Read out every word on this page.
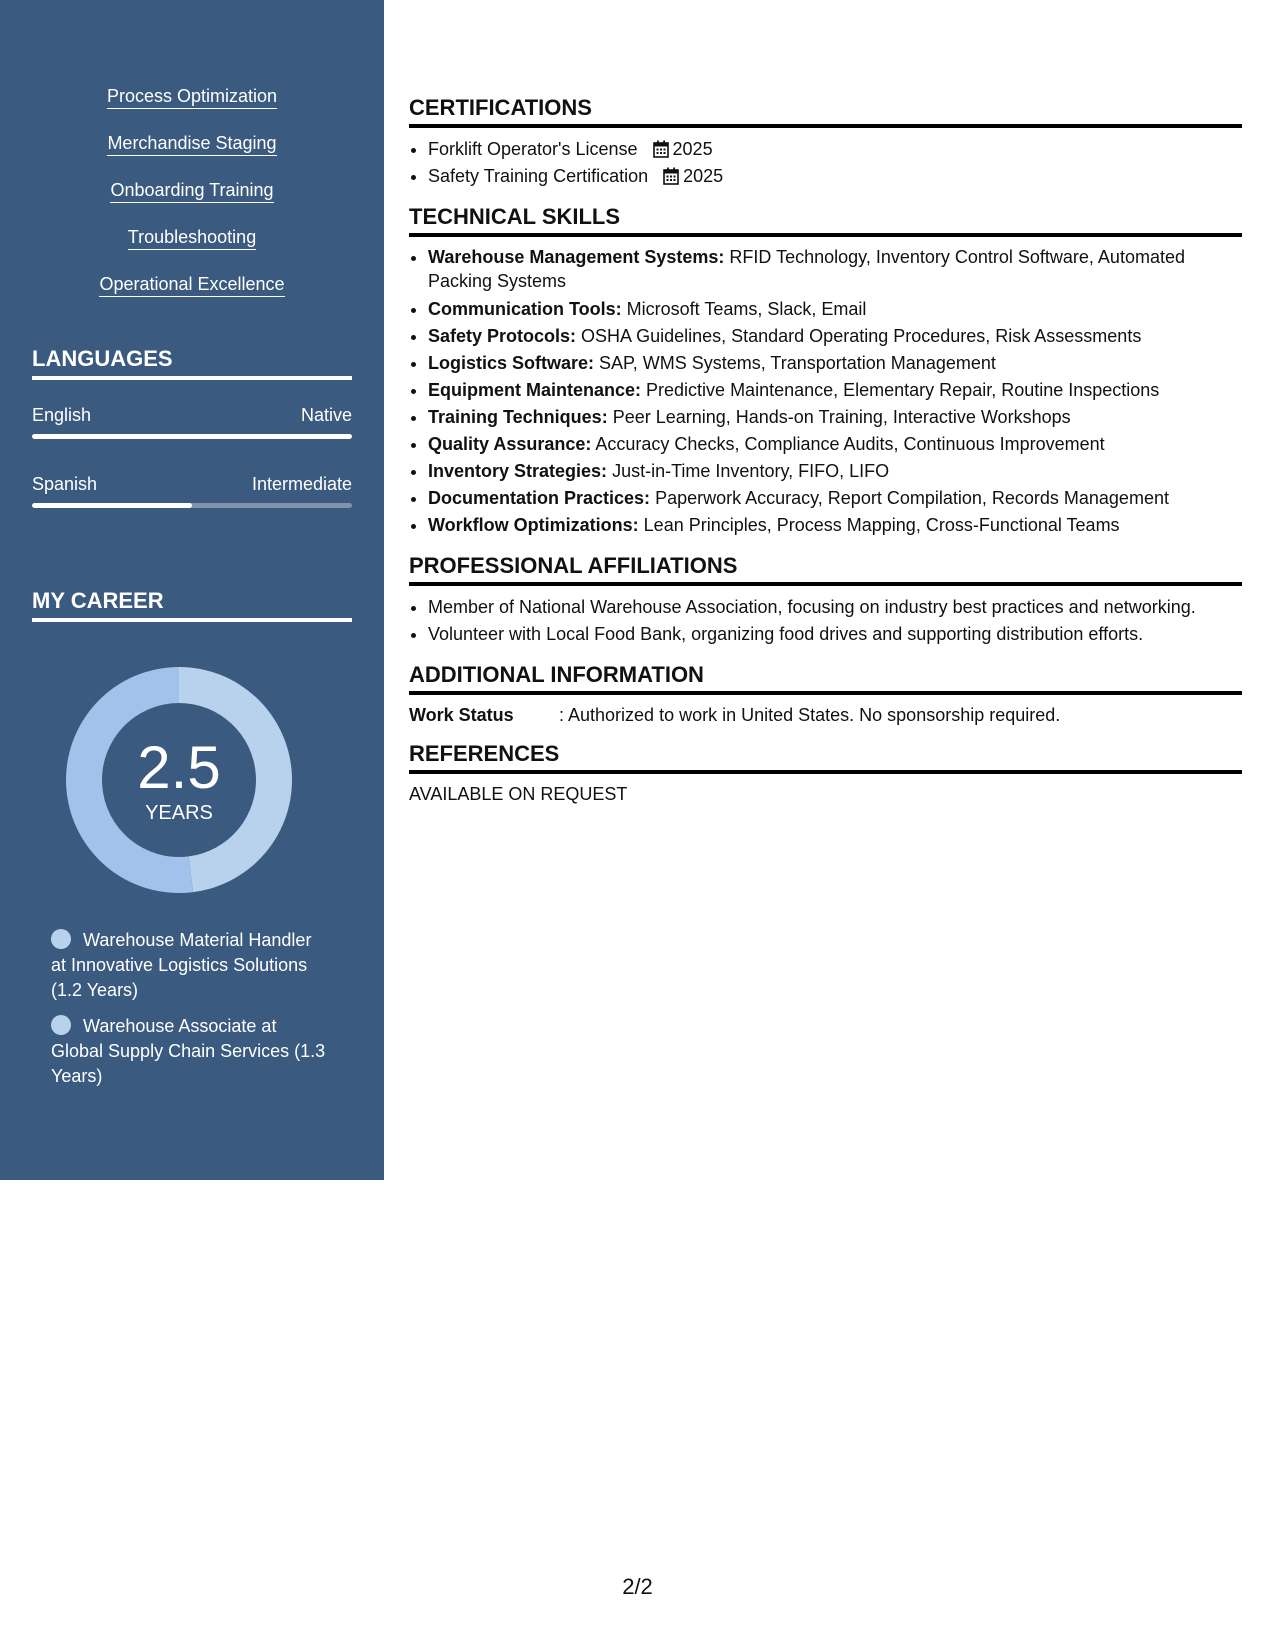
Process Optimization
Merchandise Staging
Onboarding Training
Troubleshooting
Operational Excellence
LANGUAGES
English	Native
Spanish	Intermediate
MY CAREER
2.5
YEARS
Warehouse Material Handler at Innovative Logistics Solutions (1.2 Years)
Warehouse Associate at Global Supply Chain Services (1.3 Years)
CERTIFICATIONS
• Forklift Operator's License 2025
• Safety Training Certification 2025
TECHNICAL SKILLS
• Warehouse Management Systems: RFID Technology, Inventory Control Software, Automated Packing Systems
• Communication Tools: Microsoft Teams, Slack, Email
• Safety Protocols: OSHA Guidelines, Standard Operating Procedures, Risk Assessments
• Logistics Software: SAP, WMS Systems, Transportation Management
• Equipment Maintenance: Predictive Maintenance, Elementary Repair, Routine Inspections
• Training Techniques: Peer Learning, Hands-on Training, Interactive Workshops
• Quality Assurance: Accuracy Checks, Compliance Audits, Continuous Improvement
• Inventory Strategies: Just-in-Time Inventory, FIFO, LIFO
• Documentation Practices: Paperwork Accuracy, Report Compilation, Records Management
• Workflow Optimizations: Lean Principles, Process Mapping, Cross-Functional Teams
PROFESSIONAL AFFILIATIONS
• Member of National Warehouse Association, focusing on industry best practices and networking.
• Volunteer with Local Food Bank, organizing food drives and supporting distribution efforts.
ADDITIONAL INFORMATION
Work Status	: Authorized to work in United States. No sponsorship required.
REFERENCES
AVAILABLE ON REQUEST
2/2
